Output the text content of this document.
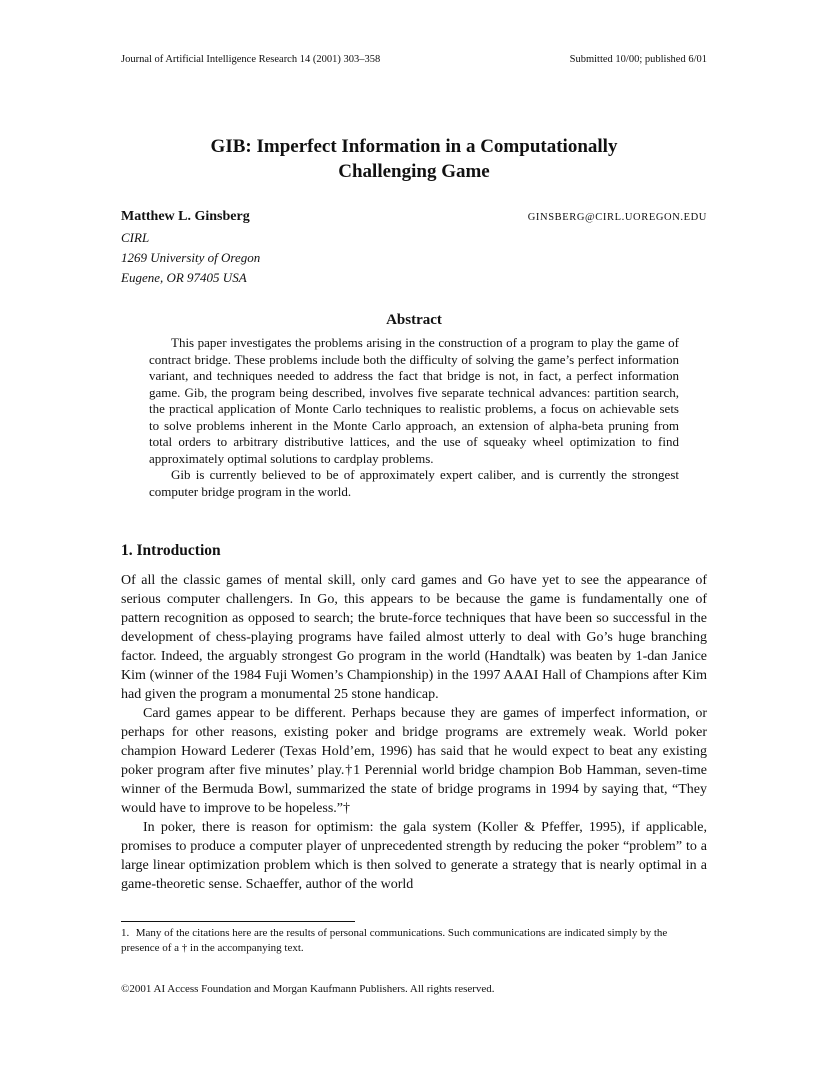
Journal of Artificial Intelligence Research 14 (2001) 303–358	Submitted 10/00; published 6/01
GIB: Imperfect Information in a Computationally
Challenging Game
Matthew L. Ginsberg	GINSBERG@CIRL.UOREGON.EDU
CIRL
1269 University of Oregon
Eugene, OR 97405 USA
Abstract

This paper investigates the problems arising in the construction of a program to play the game of contract bridge. These problems include both the difficulty of solving the game’s perfect information variant, and techniques needed to address the fact that bridge is not, in fact, a perfect information game. Gib, the program being described, involves five separate technical advances: partition search, the practical application of Monte Carlo techniques to realistic problems, a focus on achievable sets to solve problems inherent in the Monte Carlo approach, an extension of alpha-beta pruning from total orders to arbitrary distributive lattices, and the use of squeaky wheel optimization to find approximately optimal solutions to cardplay problems.

Gib is currently believed to be of approximately expert caliber, and is currently the strongest computer bridge program in the world.

1. Introduction

Of all the classic games of mental skill, only card games and Go have yet to see the appearance of serious computer challengers. In Go, this appears to be because the game is fundamentally one of pattern recognition as opposed to search; the brute-force techniques that have been so successful in the development of chess-playing programs have failed almost utterly to deal with Go’s huge branching factor. Indeed, the arguably strongest Go program in the world (Handtalk) was beaten by 1-dan Janice Kim (winner of the 1984 Fuji Women’s Championship) in the 1997 AAAI Hall of Champions after Kim had given the program a monumental 25 stone handicap.

Card games appear to be different. Perhaps because they are games of imperfect information, or perhaps for other reasons, existing poker and bridge programs are extremely weak. World poker champion Howard Lederer (Texas Hold’em, 1996) has said that he would expect to beat any existing poker program after five minutes’ play.†1 Perennial world bridge champion Bob Hamman, seven-time winner of the Bermuda Bowl, summarized the state of bridge programs in 1994 by saying that, “They would have to improve to be hopeless.”†

In poker, there is reason for optimism: the gala system (Koller & Pfeffer, 1995), if applicable, promises to produce a computer player of unprecedented strength by reducing the poker “problem” to a large linear optimization problem which is then solved to generate a strategy that is nearly optimal in a game-theoretic sense. Schaeffer, author of the world

1. Many of the citations here are the results of personal communications. Such communications are indicated simply by the presence of a † in the accompanying text.
©2001 AI Access Foundation and Morgan Kaufmann Publishers. All rights reserved.
